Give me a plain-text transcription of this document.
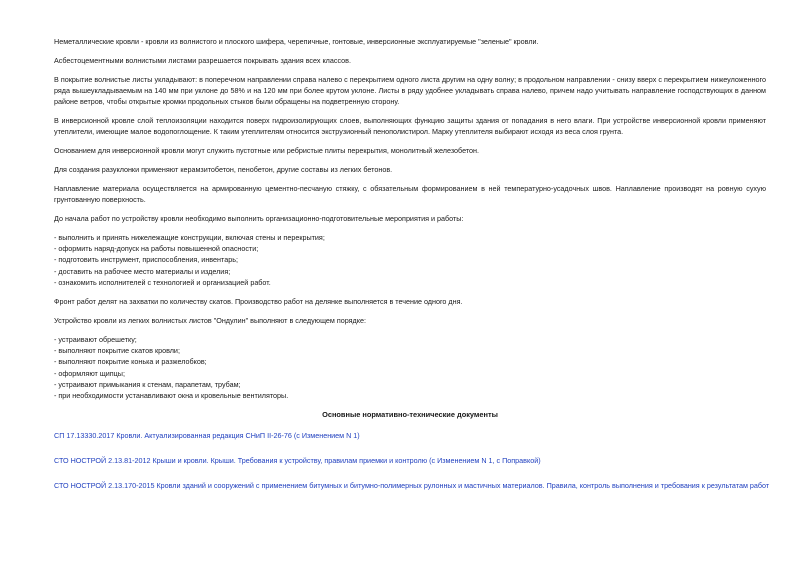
Неметаллические кровли - кровли из волнистого и плоского шифера, черепичные, гонтовые, инверсионные эксплуатируемые "зеленые" кровли.

Асбестоцементными волнистыми листами разрешается покрывать здания всех классов.

В покрытие волнистые листы укладывают: в поперечном направлении справа налево с перекрытием одного листа другим на одну волну; в продольном направлении - снизу вверх с перекрытием нижеуложенного ряда вышеукладываемым на 140 мм при уклоне до 58% и на 120 мм при более крутом уклоне. Листы в ряду удобнее укладывать справа налево, причем надо учитывать направление господствующих в данном районе ветров, чтобы открытые кромки продольных стыков были обращены на подветренную сторону.

В инверсионной кровле слой теплоизоляции находится поверх гидроизолирующих слоев, выполняющих функцию защиты здания от попадания в него влаги. При устройстве инверсионной кровли применяют утеплители, имеющие малое водопоглощение. К таким утеплителям относится экструзионный пенополистирол. Марку утеплителя выбирают исходя из веса слоя грунта.

Основанием для инверсионной кровли могут служить пустотные или ребристые плиты перекрытия, монолитный железобетон.

Для создания разуклонки применяют керамзитобетон, пенобетон, другие составы из легких бетонов.

Наплавление материала осуществляется на армированную цементно-песчаную стяжку, с обязательным формированием в ней температурно-усадочных швов. Наплавление производят на ровную сухую грунтованную поверхность.

До начала работ по устройству кровли необходимо выполнить организационно-подготовительные мероприятия и работы:

- выполнить и принять нижележащие конструкции, включая стены и перекрытия;
- оформить наряд-допуск на работы повышенной опасности;
- подготовить инструмент, приспособления, инвентарь;
- доставить на рабочее место материалы и изделия;
- ознакомить исполнителей с технологией и организацией работ.

Фронт работ делят на захватки по количеству скатов. Производство работ на делянке выполняется в течение одного дня.

Устройство кровли из легких волнистых листов "Ондулин" выполняют в следующем порядке:

- устраивают обрешетку;
- выполняют покрытие скатов кровли;
- выполняют покрытие конька и разжелобков;
- оформляют щипцы;
- устраивают примыкания к стенам, парапетам, трубам;
- при необходимости устанавливают окна и кровельные вентиляторы.
Основные нормативно-технические документы
СП 17.13330.2017 Кровли. Актуализированная редакция СНиП II-26-76 (с Изменением N 1)
СТО НОСТРОЙ 2.13.81-2012 Крыши и кровли. Крыши. Требования к устройству, правилам приемки и контролю (с Изменением N 1, с Поправкой)
СТО НОСТРОЙ 2.13.170-2015 Кровли зданий и сооружений с применением битумных и битумно-полимерных рулонных и мастичных материалов. Правила, контроль выполнения и требования к результатам работ
